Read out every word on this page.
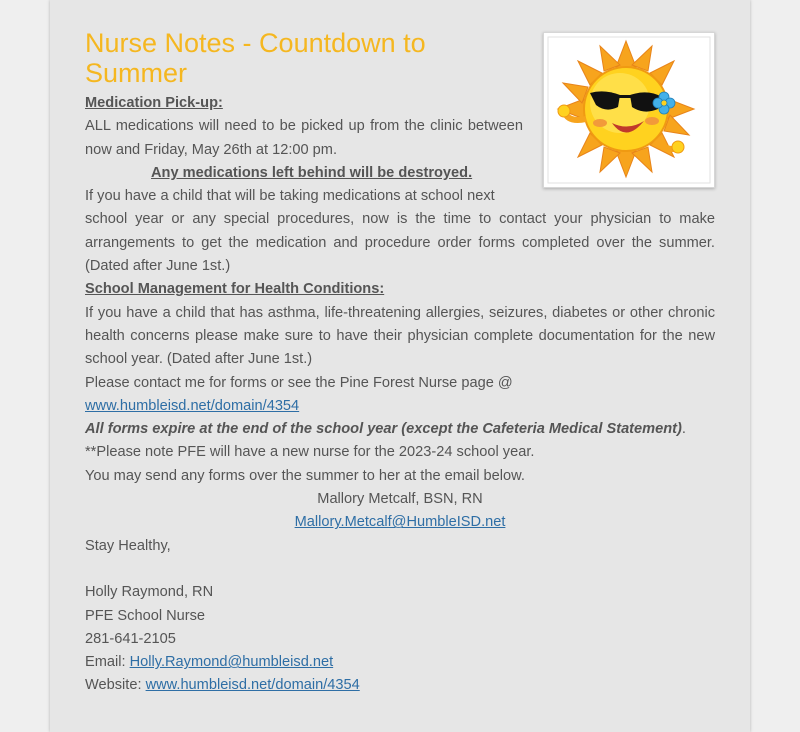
Nurse Notes - Countdown to Summer

Medication Pick-up:

ALL medications will need to be picked up from the clinic between now and Friday, May 26th at 12:00 pm.

Any medications left behind will be destroyed.

If you have a child that will be taking medications at school next

school year or any special procedures, now is the time to contact your physician to make arrangements to get the medication and procedure order forms completed over the summer. (Dated after June 1st.)

School Management for Health Conditions:

If you have a child that has asthma, life-threatening allergies, seizures, diabetes or other chronic health concerns please make sure to have their physician complete documentation for the new school year. (Dated after June 1st.)

Please contact me for forms or see the Pine Forest Nurse page @

www.humbleisd.net/domain/4354

All forms expire at the end of the school year (except the Cafeteria Medical Statement).

**Please note PFE will have a new nurse for the 2023-24 school year.

You may send any forms over the summer to her at the email below.

Mallory Metcalf, BSN, RN

Mallory.Metcalf@HumbleISD.net

Stay Healthy,

Holly Raymond, RN

PFE School Nurse

281-641-2105

Email: Holly.Raymond@humbleisd.net

Website: www.humbleisd.net/domain/4354
